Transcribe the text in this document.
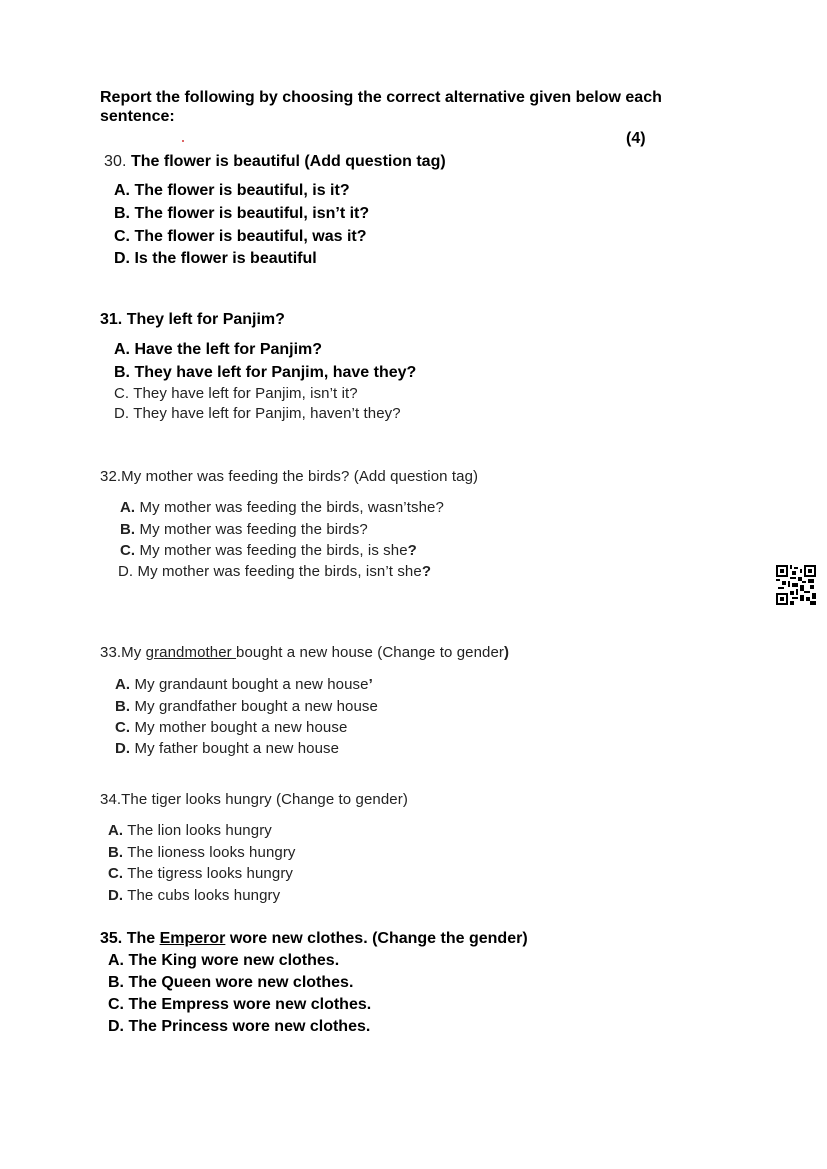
Report the following by choosing the correct alternative given below each sentence:
(4)
30. The flower is beautiful (Add question tag)
A. The flower is beautiful, is it?
B. The flower is beautiful, isn’t it?
C. The flower is beautiful, was it?
D. Is the flower is beautiful
31. They left for Panjim?
A. Have the left for Panjim?
B. They have left for Panjim, have they?
C. They have left for Panjim, isn’t it?
D. They have left for Panjim, haven’t they?
32.My mother was feeding the birds? (Add question tag)
A. My mother was feeding the birds, wasn’tshe?
B. My mother was feeding the birds?
C. My mother was feeding the birds, is she?
D. My mother was feeding the birds, isn’t she?
33.My grandmother bought a new house (Change to gender)
A. My grandaunt bought a new house’
B. My grandfather bought a new house
C. My mother bought a new house
D. My father bought a new house
34.The tiger looks hungry (Change to gender)
A. The lion looks hungry
B. The lioness looks hungry
C. The tigress looks hungry
D. The cubs looks hungry
35. The Emperor wore new clothes. (Change the gender)
A. The King wore new clothes.
B. The Queen wore new clothes.
C. The Empress wore new clothes.
D. The Princess wore new clothes.
